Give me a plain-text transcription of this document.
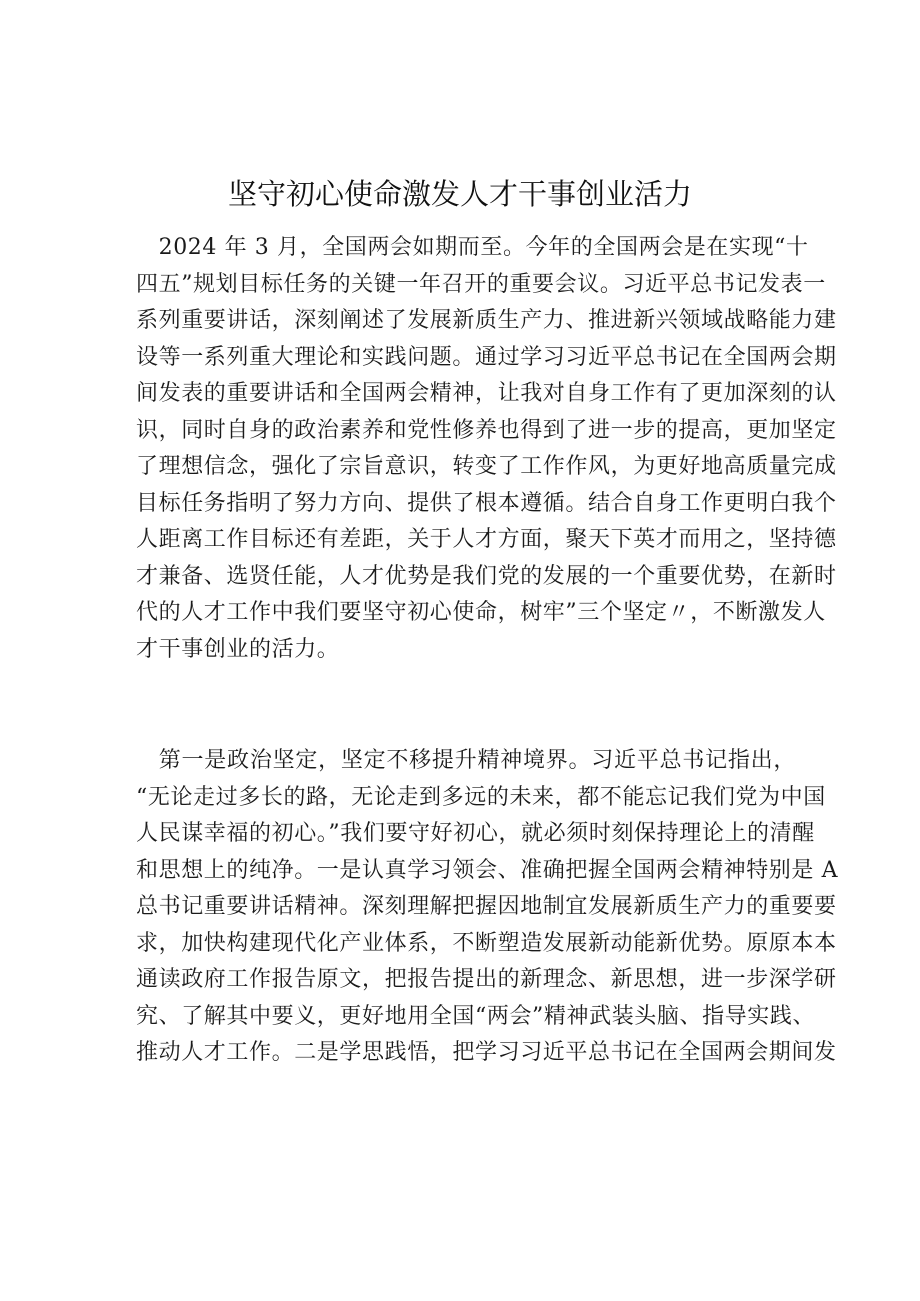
坚守初心使命激发人才干事创业活力
　2024 年 3 月，全国两会如期而至。今年的全国两会是在实现“十
四五”规划目标任务的关键一年召开的重要会议。习近平总书记发表一
系列重要讲话，深刻阐述了发展新质生产力、推进新兴领域战略能力建
设等一系列重大理论和实践问题。通过学习习近平总书记在全国两会期
间发表的重要讲话和全国两会精神，让我对自身工作有了更加深刻的认
识，同时自身的政治素养和党性修养也得到了进一步的提高，更加坚定
了理想信念，强化了宗旨意识，转变了工作作风，为更好地高质量完成
目标任务指明了努力方向、提供了根本遵循。结合自身工作更明白我个
人距离工作目标还有差距，关于人才方面，聚天下英才而用之，坚持德
才兼备、选贤任能，人才优势是我们党的发展的一个重要优势，在新时
代的人才工作中我们要坚守初心使命，树牢”三个坚定〃，不断激发人
才干事创业的活力。
　第一是政治坚定，坚定不移提升精神境界。习近平总书记指出，
“无论走过多长的路，无论走到多远的未来，都不能忘记我们党为中国
人民谋幸福的初心。”我们要守好初心，就必须时刻保持理论上的清醒
和思想上的纯净。一是认真学习领会、准确把握全国两会精神特别是 A
总书记重要讲话精神。深刻理解把握因地制宜发展新质生产力的重要要
求，加快构建现代化产业体系，不断塑造发展新动能新优势。原原本本
通读政府工作报告原文，把报告提出的新理念、新思想，进一步深学研
究、了解其中要义，更好地用全国“两会”精神武装头脑、指导实践、
推动人才工作。二是学思践悟，把学习习近平总书记在全国两会期间发
